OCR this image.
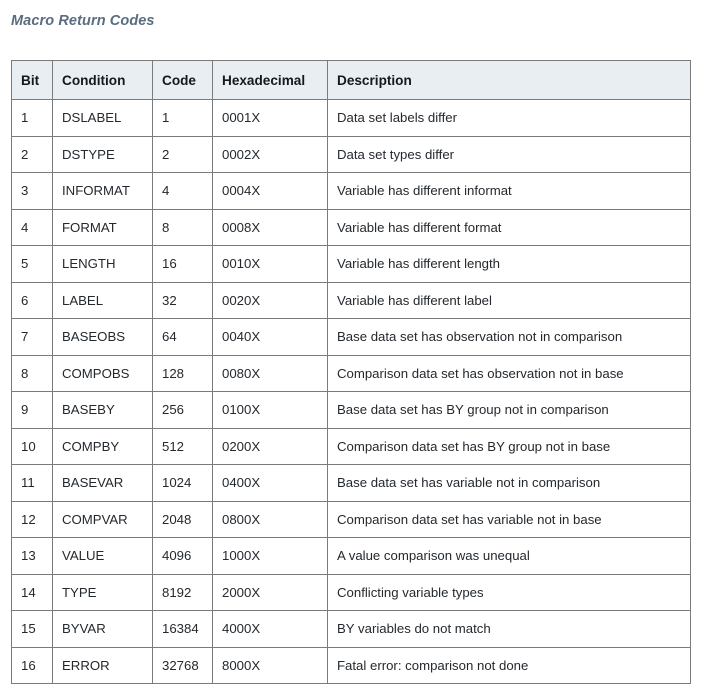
Macro Return Codes
Bit	Condition	Code	Hexadecimal	Description
1	DSLABEL	1	0001X	Data set labels differ
2	DSTYPE	2	0002X	Data set types differ
3	INFORMAT	4	0004X	Variable has different informat
4	FORMAT	8	0008X	Variable has different format
5	LENGTH	16	0010X	Variable has different length
6	LABEL	32	0020X	Variable has different label
7	BASEOBS	64	0040X	Base data set has observation not in comparison
8	COMPOBS	128	0080X	Comparison data set has observation not in base
9	BASEBY	256	0100X	Base data set has BY group not in comparison
10	COMPBY	512	0200X	Comparison data set has BY group not in base
11	BASEVAR	1024	0400X	Base data set has variable not in comparison
12	COMPVAR	2048	0800X	Comparison data set has variable not in base
13	VALUE	4096	1000X	A value comparison was unequal
14	TYPE	8192	2000X	Conflicting variable types
15	BYVAR	16384	4000X	BY variables do not match
16	ERROR	32768	8000X	Fatal error: comparison not done
